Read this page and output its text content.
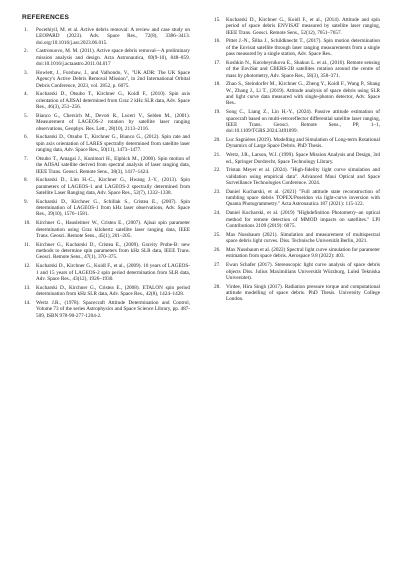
REFERENCES

1. Pocethiyil, M. et al. Active debris removal: A review and case study on LEOPARD (2023). Adv. Space Res., 72(8), 3386–3413. doi.org/10.1016/j.asr.2023.06.015.

2. Castronuovo, M. M. (2011). Active space debris removal—A preliminary mission analysis and design. Acta Astronautica, 69(9-10), 848–859. doi:10.1016/j.actaastro.2011.04.017

3. Howlett, J., Forshaw, J., and Valhondo, V., "UK ADR: The UK Space Agency's Active Debris Removal Mission", in 2nd International Orbital Debris Conference, 2023, vol. 2852, p. 6075.

4. Kucharski D., Otsubo T., Kirchner G., Koidl F., (2010). Spin axis orientation of AJISAI determined from Graz 2 kHz SLR data, Adv. Space Res., 46(3), 251–256.

5. Bianco G., Chersich M., Devoti R., Luceri V., Selden M., (2001). Measurement of LAGEOS-2 rotation by satellite laser ranging observations, Geophys. Res. Lett., 28(10), 2113–2116.

6. Kucharski D., Otsubo T., Kirchner G., Bianco G., (2012). Spin rate and spin axis orientation of LARES spectrally determined from satellite laser ranging data, Adv. Space Res., 50(11), 1473–1477.

7. Otsubo T., Amagai J., Kunimori H., Elphick M., (2000). Spin motion of the AJISAI satellite derived from spectral analysis of laser ranging data, IEEE Trans. Geosci. Remote Sens., 38(3), 1417–1424.

8. Kucharski D., Lim H.-C., Kirchner G., Hwang J.-Y., (2013). Spin parameters of LAGEOS-1 and LAGEOS-2 spectrally determined from Satellite Laser Ranging data, Adv. Space Res., 52(7), 1332–1338.

9. Kucharski D., Kirchner G., Schillak S., Cristea E., (2007). Spin determination of LAGEOS-1 from kHz laser observations, Adv. Space Res., 39(10), 1576–1581.

10. Kirchner G., Hausleitner W., Cristea E., (2007). Ajisai spin parameter determination using Graz kilohertz satellite laser ranging data, IEEE Trans. Geosci. Remote Sens., 45(1), 201–205.

11. Kirchner G., Kucharski D., Cristea E., (2009). Gravity Probe-B: new methods to determine spin parameters from kHz SLR data, IEEE Trans. Geosci. Remote Sens., 47(1), 370–375.

12. Kucharski D., Kirchner G., Koidl F., et al., (2009). 10 years of LAGEOS-1 and 15 years of LAGEOS-2 spin period determination from SLR data, Adv. Space Res., 43(12), 1926–1930.

13. Kucharski D., Kirchner G., Cristea E., (2008). ETALON spin period determination from kHz SLR data, Adv. Space Res., 42(8), 1424–1428.

14. Wertz J.R., (1978). Spacecraft Attitude Determination and Control, Volume 73 of the series Astrophysics and Space Science Library, pp. 487-509, ISBN 978-90-277-1204-2.

15. Kucharski D., Kirchner G., Koidl F., et al., (2014). Attitude and spin period of space debris ENVISAT measured by satellite laser ranging, IEEE Trans. Geosci. Remote Sens., 52(12), 7651–7657.

16. Pittet J.-N., Šilha J., Schildknecht T., (2017). Spin motion determination of the Envisat satellite through laser ranging measurements from a single pass measured by a single station, Adv. Space Res..

17. Koshkin N., Korobeynikova E., Shakun L. et al., (2016). Remote sensing of the EnviSat and CBERS-2B satellites rotation around the centre of mass by photometry, Adv. Space Res., 58(3), 358–371.

18. Zhao S., Steindorfer M., Kirchner G., Zheng Y., Koidl F., Wang P., Shang W., Zhang J., Li T., (2019). Attitude analysis of space debris using SLR and light curve data measured with single-photon detector, Adv. Space Res..

19. Song C., Liang Z., Lin H.-Y., (2024). Passive attitude estimation of spacecraft based on multi-retroreflector differential satellite laser ranging, IEEE Trans. Geosci. Remote Sens., PP, 1–1, doi:10.1109/TGRS.2024.3491099.

20. Luc Sagnières (2019). Modelling and Simulation of Long-term Rotational Dynamics of Large Space Debris. PhD Thesis.

21. Wertz, J.R., Larson, W.J. (1999). Space Mission Analysis and Design, 3rd ed., Springer Dordrecht, Space Technology Library.

22. Tristan Meyer et al. (2024). "High-fidelity light curve simulation and validation using empirical data". Advanced Maui Optical and Space Surveillance Technologies Conference. 2024.

23. Daniel Kucharski, et al. (2021) "Full attitude state reconstruction of tumbling space debris TOPEX/Poseidon via light-curve inversion with Quanta Photogrammetry." Acta Astronautica 187 (2021): 115-122.

24. Daniel Kucharski, et al. (2019) "Highdefinition Photometry–an optical method for remote detection of MMOD impacts on satellites." LPI Contributions 2109 (2019): 6075.

25. Max Nussbaum (2021). Simulation and measurement of multispectral space debris light curves. Diss. Technische Universität Berlin, 2021.

26. Max Nussbaum et al. (2022) Spectral light curve simulation for parameter estimation from space debris. Aerospace 9.8 (2022): 403.

27. Ewan Schafer (2017). Stereoscopic light curve analysis of space debris objects Diss. Julius Maximilians Universität Würzburg, Luleå Tekniska Universitet).

28. Virdee, Hira Singh (2017). Radiation pressure torque and computational attitude modelling of space debris. PhD Thesis. University College London.
